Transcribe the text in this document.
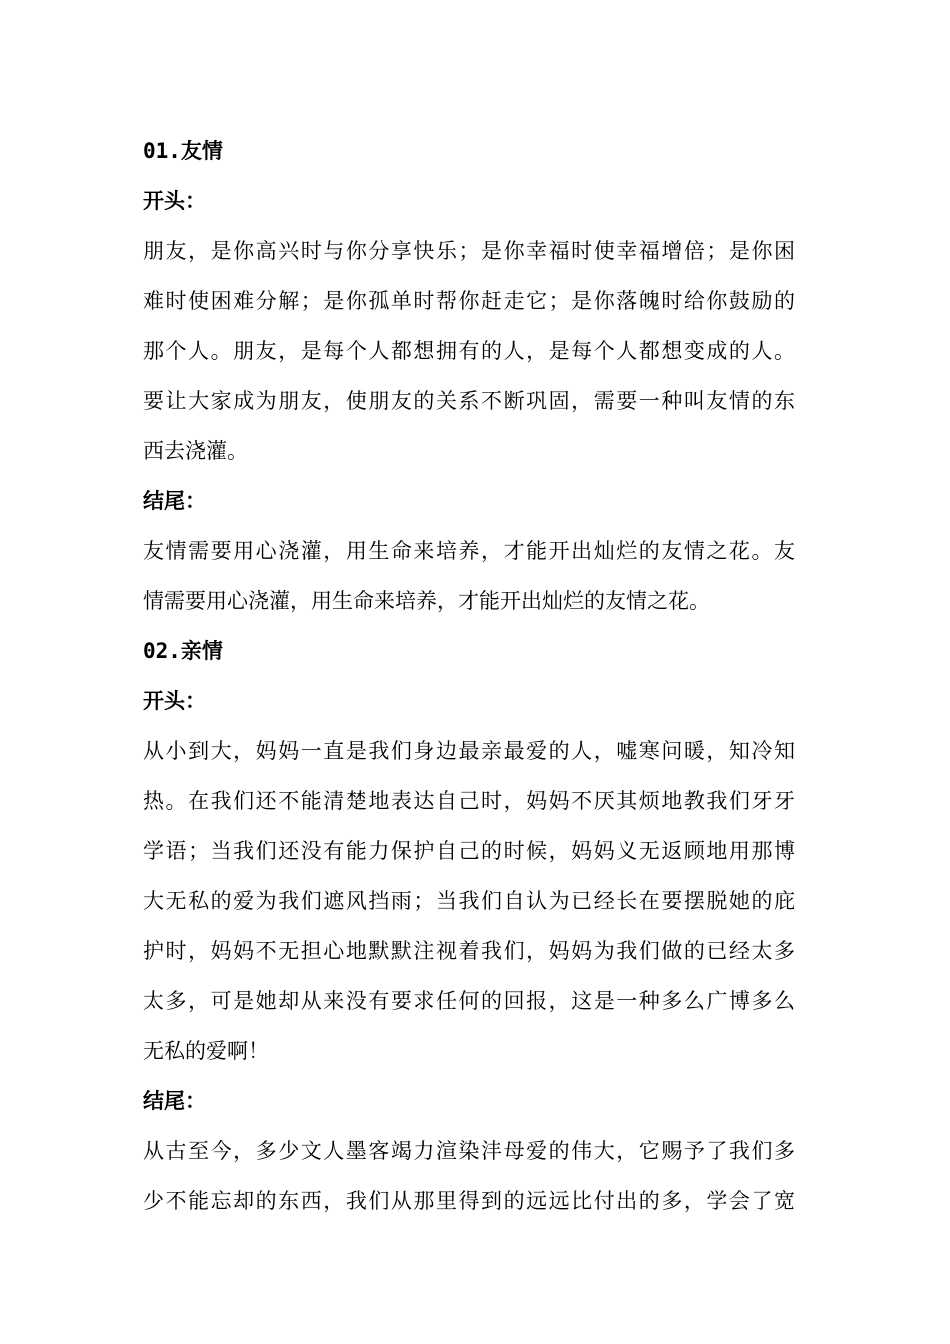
01.友情
开头：
朋友，是你高兴时与你分享快乐；是你幸福时使幸福增倍；是你困
难时使困难分解；是你孤单时帮你赶走它；是你落魄时给你鼓励的
那个人。朋友，是每个人都想拥有的人，是每个人都想变成的人。
要让大家成为朋友，使朋友的关系不断巩固，需要一种叫友情的东
西去浇灌。
结尾：
友情需要用心浇灌，用生命来培养，才能开出灿烂的友情之花。友
情需要用心浇灌，用生命来培养，才能开出灿烂的友情之花。
02.亲情
开头：
从小到大，妈妈一直是我们身边最亲最爱的人，嘘寒问暖，知冷知
热。在我们还不能清楚地表达自己时，妈妈不厌其烦地教我们牙牙
学语；当我们还没有能力保护自己的时候，妈妈义无返顾地用那博
大无私的爱为我们遮风挡雨；当我们自认为已经长在要摆脱她的庇
护时，妈妈不无担心地默默注视着我们，妈妈为我们做的已经太多
太多，可是她却从来没有要求任何的回报，这是一种多么广博多么
无私的爱啊！
结尾：
从古至今，多少文人墨客竭力渲染沣母爱的伟大，它赐予了我们多
少不能忘却的东西，我们从那里得到的远远比付出的多，学会了宽
